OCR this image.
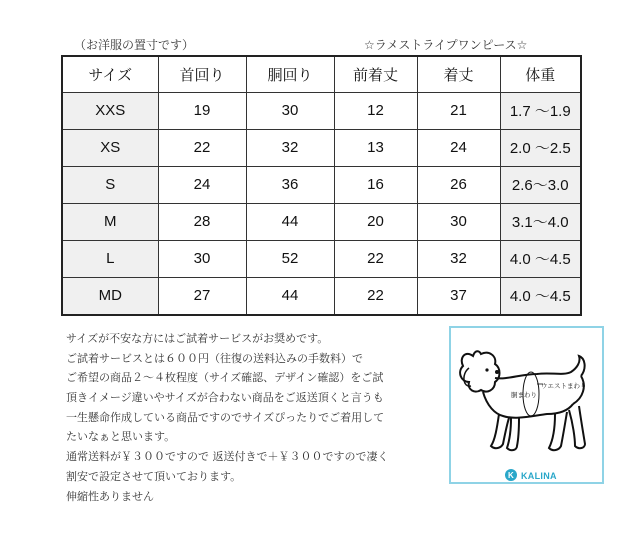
（お洋服の置寸です）	☆ラメストライプワンピース☆
サイズ	首回り	胴回り	前着丈	着丈	体重
XXS	19	30	12	21	1.7 ～1.9
XS	22	32	13	24	2.0 ～2.5
S	24	36	16	26	2.6～3.0
M	28	44	20	30	3.1～4.0
L	30	52	22	32	4.0 ～4.5
MD	27	44	22	37	4.0 ～4.5
サイズが不安な方にはご試着サービスがお奨めです。
ご試着サービスとは６００円（往復の送料込みの手数料）で
ご希望の商品２～４枚程度（サイズ確認、デザイン確認）をご試
頂きイメージ違いやサイズが合わない商品をご返送頂くと言うも
一生懸命作成している商品ですのでサイズぴったりでご着用して
たいなぁと思います。
通常送料が￥３００ですので 返送付きで＋￥３００ですので凄く
割安で設定させて頂いております。
伸縮性ありません
K
ウエストまわり
胴まわり
KALINA
